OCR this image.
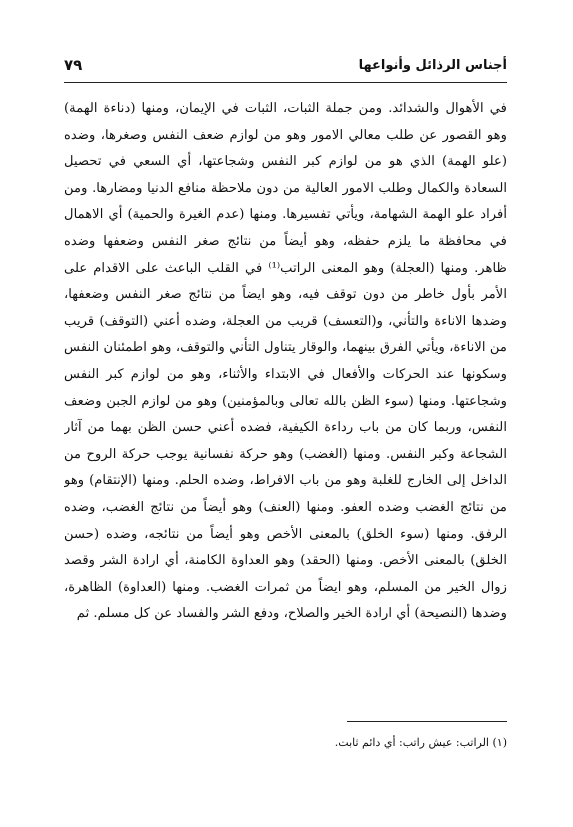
٧٩	أجناس الرذائل وأنواعها
في الأهوال والشدائد. ومن جملة الثبات، الثبات في الإيمان، ومنها (دناءة الهمة)
وهو القصور عن طلب معالي الامور وهو من لوازم ضعف النفس وصغرها، وضده
(علو الهمة) الذي هو من لوازم كبر النفس وشجاعتها، أي السعي في تحصيل
السعادة والكمال وطلب الامور العالية من دون ملاحظة منافع الدنيا ومضارها. ومن
أفراد علو الهمة الشهامة، ويأتي تفسيرها. ومنها (عدم الغيرة والحمية) أي الاهمال
في محافظة ما يلزم حفظه، وهو أيضاً من نتائج صغر النفس وضعفها وضده
ظاهر. ومنها (العجلة) وهو المعنى الراتب⁽¹⁾ في القلب الباعث على الاقدام على
الأمر بأول خاطر من دون توقف فيه، وهو ايضاً من نتائج صغر النفس وضعفها،
وضدها الاناءة والتأني، و(التعسف) قريب من العجلة، وضده أعني (التوقف) قريب
من الاناءة، ويأتي الفرق بينهما، والوقار يتناول التأني والتوقف، وهو اطمئنان النفس
وسكونها عند الحركات والأفعال في الابتداء والأثناء، وهو من لوازم كبر النفس
وشجاعتها. ومنها (سوء الظن بالله تعالى وبالمؤمنين) وهو من لوازم الجبن وضعف
النفس، وربما كان من باب رداءة الكيفية، فضده أعني حسن الظن بهما من آثار
الشجاعة وكبر النفس. ومنها (الغضب) وهو حركة نفسانية يوجب حركة الروح من
الداخل إلى الخارج للغلبة وهو من باب الافراط، وضده الحلم. ومنها (الإنتقام) وهو
من نتائج الغضب وضده العفو. ومنها (العنف) وهو أيضاً من نتائج الغضب، وضده
الرفق. ومنها (سوء الخلق) بالمعنى الأخص وهو أيضاً من نتائجه، وضده (حسن
الخلق) بالمعنى الأخص. ومنها (الحقد) وهو العداوة الكامنة، أي ارادة الشر وقصد
زوال الخير من المسلم، وهو ايضاً من ثمرات الغضب. ومنها (العداوة) الظاهرة،
وضدها (النصيحة) أي ارادة الخير والصلاح، ودفع الشر والفساد عن كل مسلم. ثم
(١) الراتب: عيش راتب: أي دائم ثابت.
